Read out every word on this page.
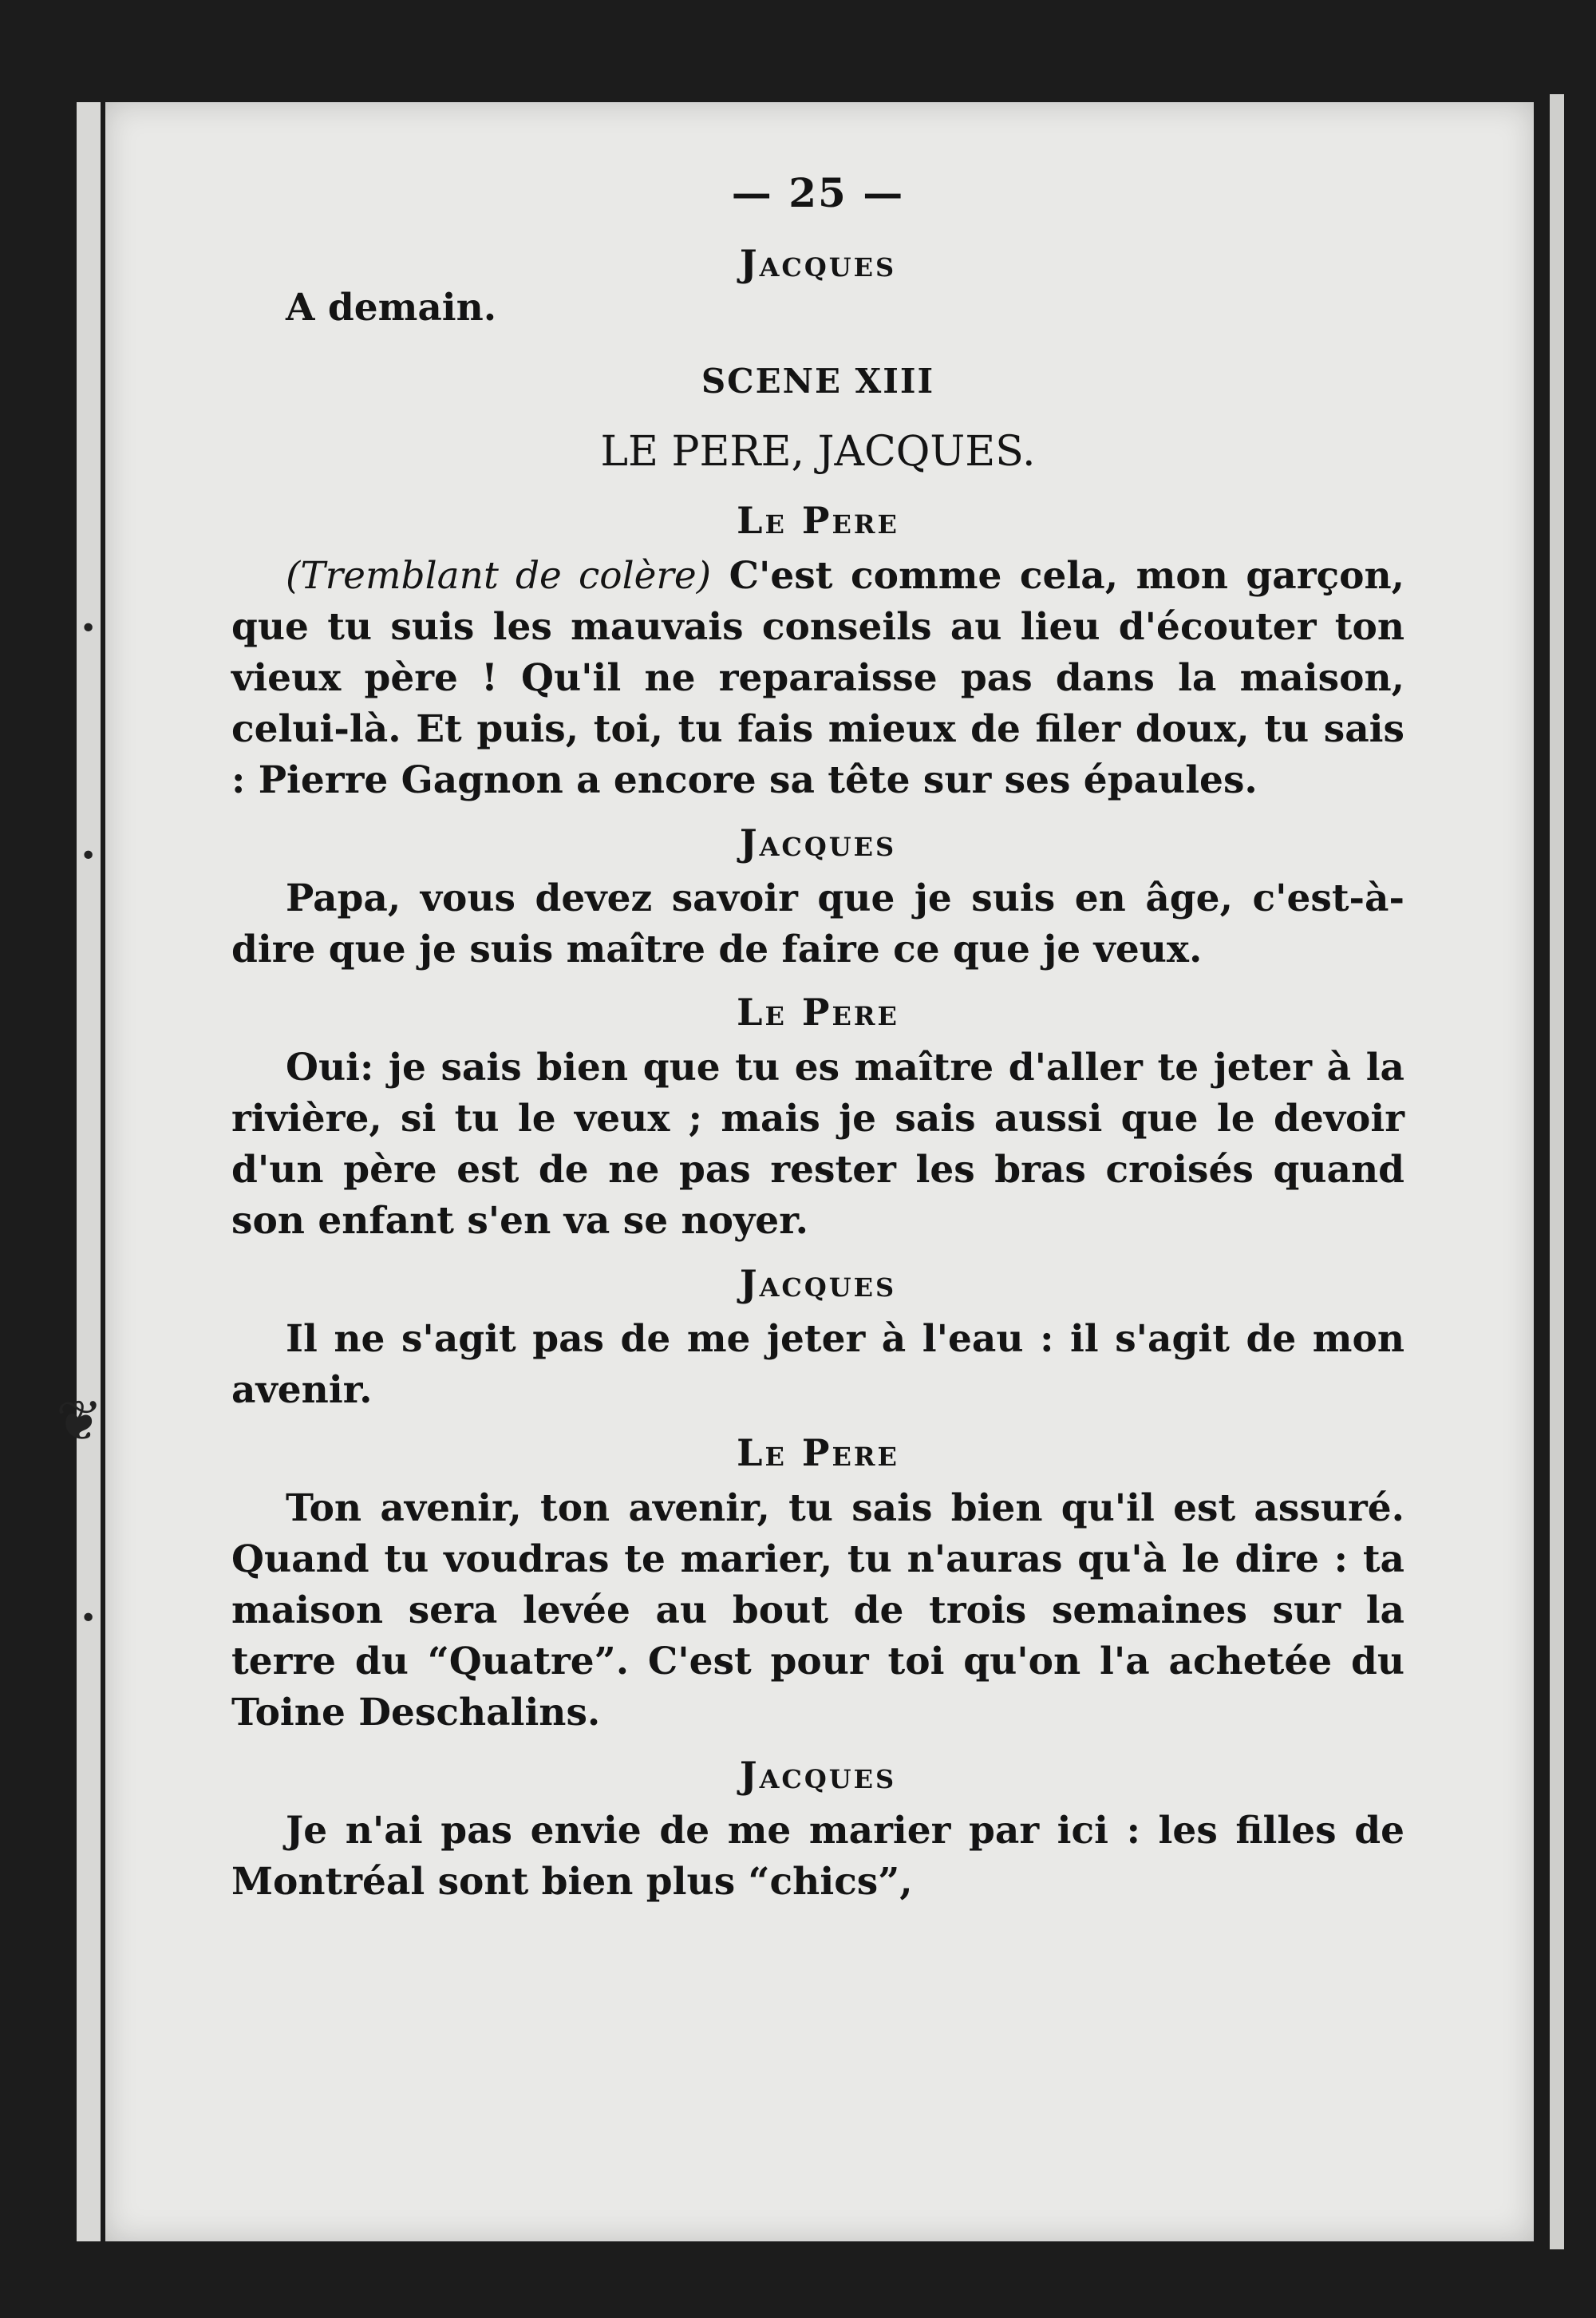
•
•
❦
•
— 25 —
Jacques
A demain.
SCENE XIII
LE PERE, JACQUES.
Le Pere
(Tremblant de colère) C'est comme cela, mon garçon, que tu suis les mauvais conseils au lieu d'écouter ton vieux père ! Qu'il ne reparaisse pas dans la maison, celui-là. Et puis, toi, tu fais mieux de filer doux, tu sais : Pierre Gagnon a encore sa tête sur ses épaules.
Jacques
Papa, vous devez savoir que je suis en âge, c'est-à-dire que je suis maître de faire ce que je veux.
Le Pere
Oui: je sais bien que tu es maître d'aller te jeter à la rivière, si tu le veux ; mais je sais aussi que le devoir d'un père est de ne pas rester les bras croisés quand son enfant s'en va se noyer.
Jacques
Il ne s'agit pas de me jeter à l'eau : il s'agit de mon avenir.
Le Pere
Ton avenir, ton avenir, tu sais bien qu'il est assuré. Quand tu voudras te marier, tu n'auras qu'à le dire : ta maison sera levée au bout de trois semaines sur la terre du “Quatre”. C'est pour toi qu'on l'a achetée du Toine Deschalins.
Jacques
Je n'ai pas envie de me marier par ici : les filles de Montréal sont bien plus “chics”,
